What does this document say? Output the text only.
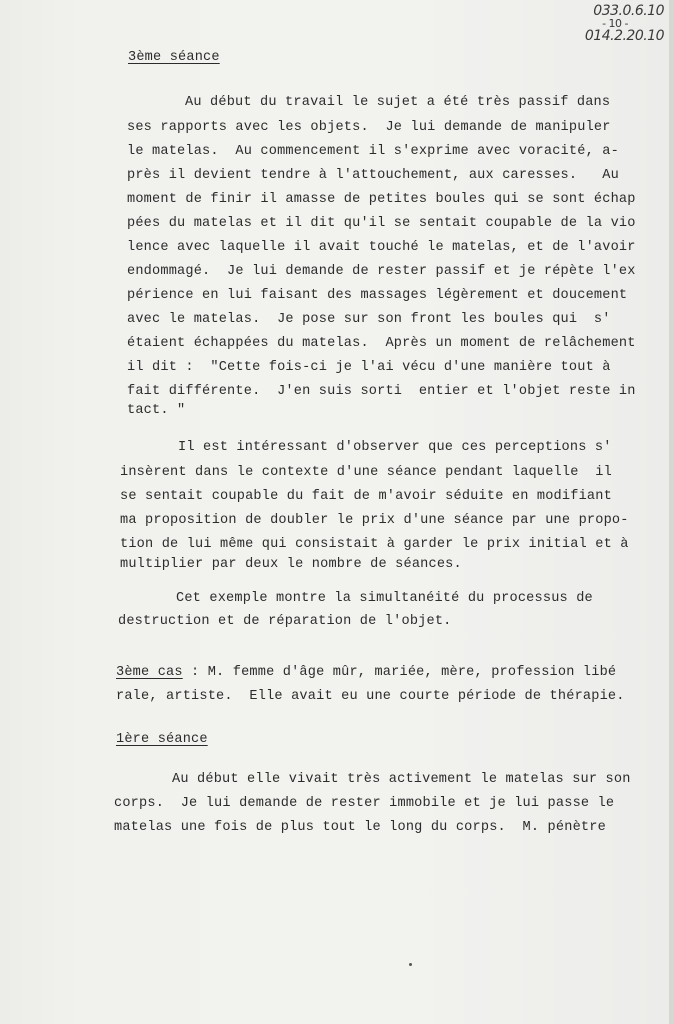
033.0.6.10
- 10 -
014.2.20.10
3ème séance
Au début du travail le sujet a été très passif dans
ses rapports avec les objets.  Je lui demande de manipuler
le matelas.  Au commencement il s'exprime avec voracité, a-
près il devient tendre à l'attouchement, aux caresses.   Au
moment de finir il amasse de petites boules qui se sont échap
pées du matelas et il dit qu'il se sentait coupable de la vio
lence avec laquelle il avait touché le matelas, et de l'avoir
endommagé.  Je lui demande de rester passif et je répète l'ex
périence en lui faisant des massages légèrement et doucement
avec le matelas.  Je pose sur son front les boules qui  s'
étaient échappées du matelas.  Après un moment de relâchement
il dit :  "Cette fois-ci je l'ai vécu d'une manière tout à
fait différente.  J'en suis sorti  entier et l'objet reste in
tact. "
Il est intéressant d'observer que ces perceptions s'
insèrent dans le contexte d'une séance pendant laquelle  il
se sentait coupable du fait de m'avoir séduite en modifiant
ma proposition de doubler le prix d'une séance par une propo-
tion de lui même qui consistait à garder le prix initial et à
multiplier par deux le nombre de séances.
Cet exemple montre la simultanéité du processus de
destruction et de réparation de l'objet.
3ème cas : M. femme d'âge mûr, mariée, mère, profession libé
rale, artiste.  Elle avait eu une courte période de thérapie.
1ère séance
Au début elle vivait très activement le matelas sur son
corps.  Je lui demande de rester immobile et je lui passe le
matelas une fois de plus tout le long du corps.  M. pénètre
